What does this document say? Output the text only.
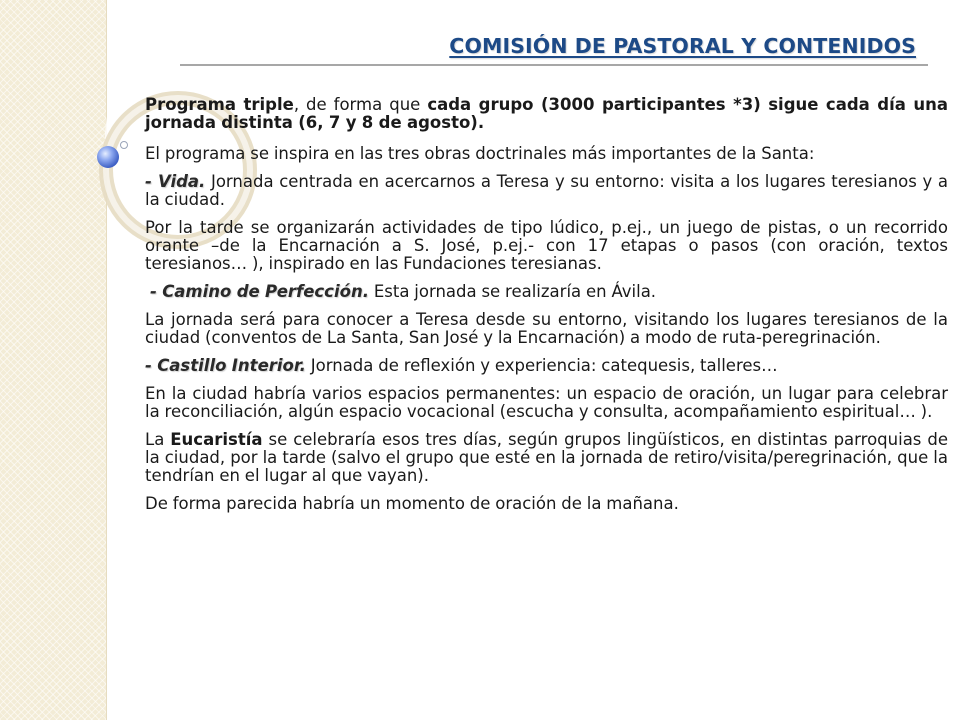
COMISIÓN DE PASTORAL Y CONTENIDOS

Programa triple, de forma que cada grupo (3000 participantes *3) sigue cada día una jornada distinta (6, 7 y 8 de agosto).

El programa se inspira en las tres obras doctrinales más importantes de la Santa:

- Vida. Jornada centrada en acercarnos a Teresa y su entorno: visita a los lugares teresianos y a la ciudad.

Por la tarde se organizarán actividades de tipo lúdico, p.ej., un juego de pistas, o un recorrido orante –de la Encarnación a S. José, p.ej.- con 17 etapas o pasos (con oración, textos teresianos… ), inspirado en las Fundaciones teresianas.

- Camino de Perfección. Esta jornada se realizaría en Ávila.

La jornada será para conocer a Teresa desde su entorno, visitando los lugares teresianos de la ciudad (conventos de La Santa, San José y la Encarnación) a modo de ruta-peregrinación.

- Castillo Interior. Jornada de reflexión y experiencia: catequesis, talleres…

En la ciudad habría varios espacios permanentes: un espacio de oración, un lugar para celebrar la reconciliación, algún espacio vocacional (escucha y consulta, acompañamiento espiritual… ).

La Eucaristía se celebraría esos tres días, según grupos lingüísticos, en distintas parroquias de la ciudad, por la tarde (salvo el grupo que esté en la jornada de retiro/visita/peregrinación, que la tendrían en el lugar al que vayan).

De forma parecida habría un momento de oración de la mañana.
